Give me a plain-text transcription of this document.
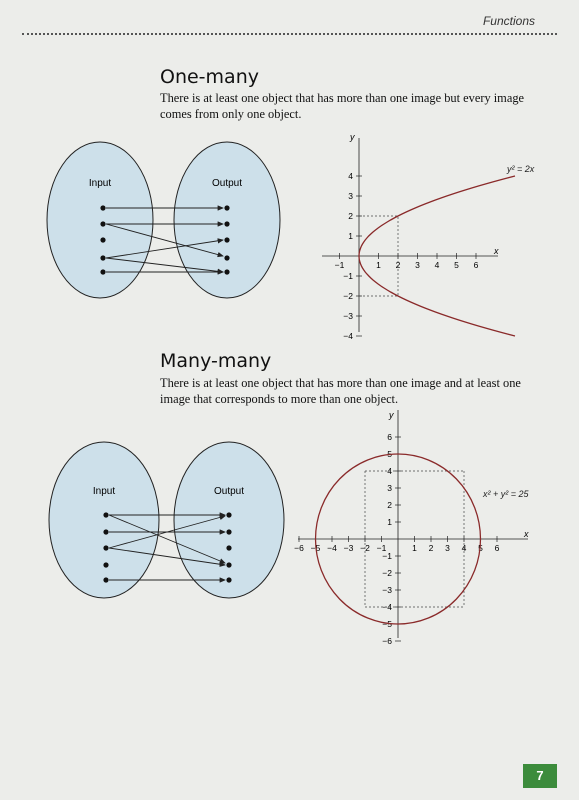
Functions
One-many
There is at least one object that has more than one image but every image comes from only one object.
Input	Output
x
y
−1	1 2 3 4 5 6
4
3
2
1
−1
−2
−3
−4
y² = 2x
Many-many
There is at least one object that has more than one image and at least one image that corresponds to more than one object.
Input	Output
x
y
−6 −5 −4 −3 −2 −1	1 2 3 4 5 6
6
5
4
3
2
1
−1
−2
−3
−4
−5
−6
x² + y² = 25
7
